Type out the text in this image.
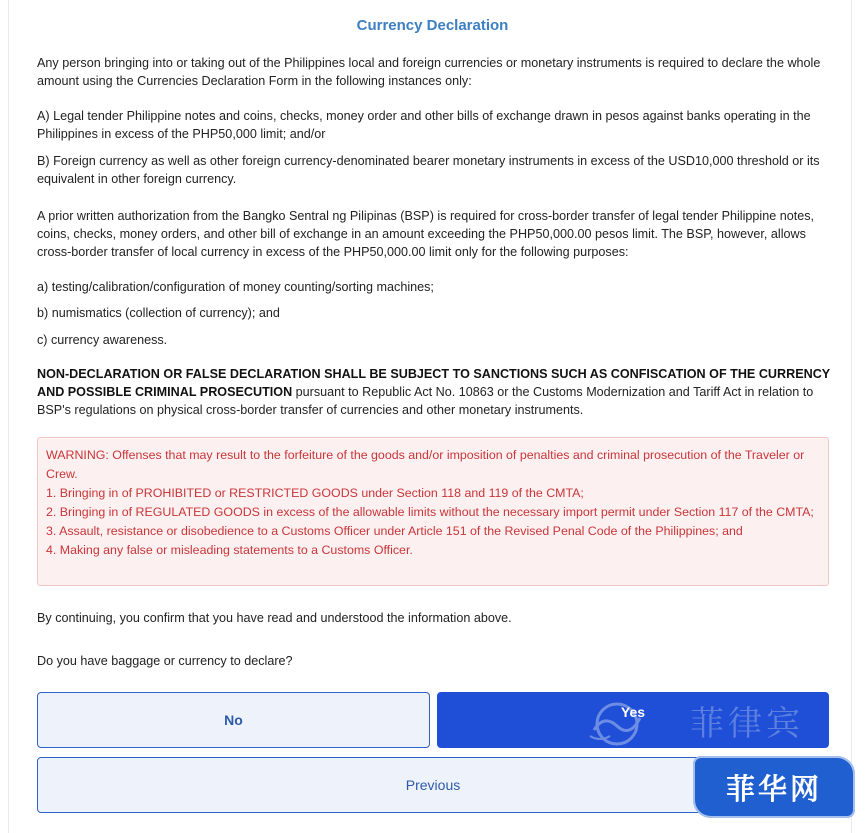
Currency Declaration

Any person bringing into or taking out of the Philippines local and foreign currencies or monetary instruments is required to declare the whole amount using the Currencies Declaration Form in the following instances only:

A) Legal tender Philippine notes and coins, checks, money order and other bills of exchange drawn in pesos against banks operating in the Philippines in excess of the PHP50,000 limit; and/or

B) Foreign currency as well as other foreign currency-denominated bearer monetary instruments in excess of the USD10,000 threshold or its equivalent in other foreign currency.

A prior written authorization from the Bangko Sentral ng Pilipinas (BSP) is required for cross-border transfer of legal tender Philippine notes, coins, checks, money orders, and other bill of exchange in an amount exceeding the PHP50,000.00 pesos limit. The BSP, however, allows cross-border transfer of local currency in excess of the PHP50,000.00 limit only for the following purposes:

a) testing/calibration/configuration of money counting/sorting machines;

b) numismatics (collection of currency); and

c) currency awareness.

NON-DECLARATION OR FALSE DECLARATION SHALL BE SUBJECT TO SANCTIONS SUCH AS CONFISCATION OF THE CURRENCY AND POSSIBLE CRIMINAL PROSECUTION pursuant to Republic Act No. 10863 or the Customs Modernization and Tariff Act in relation to BSP's regulations on physical cross-border transfer of currencies and other monetary instruments.

WARNING: Offenses that may result to the forfeiture of the goods and/or imposition of penalties and criminal prosecution of the Traveler or Crew.
1. Bringing in of PROHIBITED or RESTRICTED GOODS under Section 118 and 119 of the CMTA;
2. Bringing in of REGULATED GOODS in excess of the allowable limits without the necessary import permit under Section 117 of the CMTA;
3. Assault, resistance or disobedience to a Customs Officer under Article 151 of the Revised Penal Code of the Philippines; and
4. Making any false or misleading statements to a Customs Officer.

By continuing, you confirm that you have read and understood the information above.

Do you have baggage or currency to declare?

No	Yes
Previous
菲律宾
菲华网
